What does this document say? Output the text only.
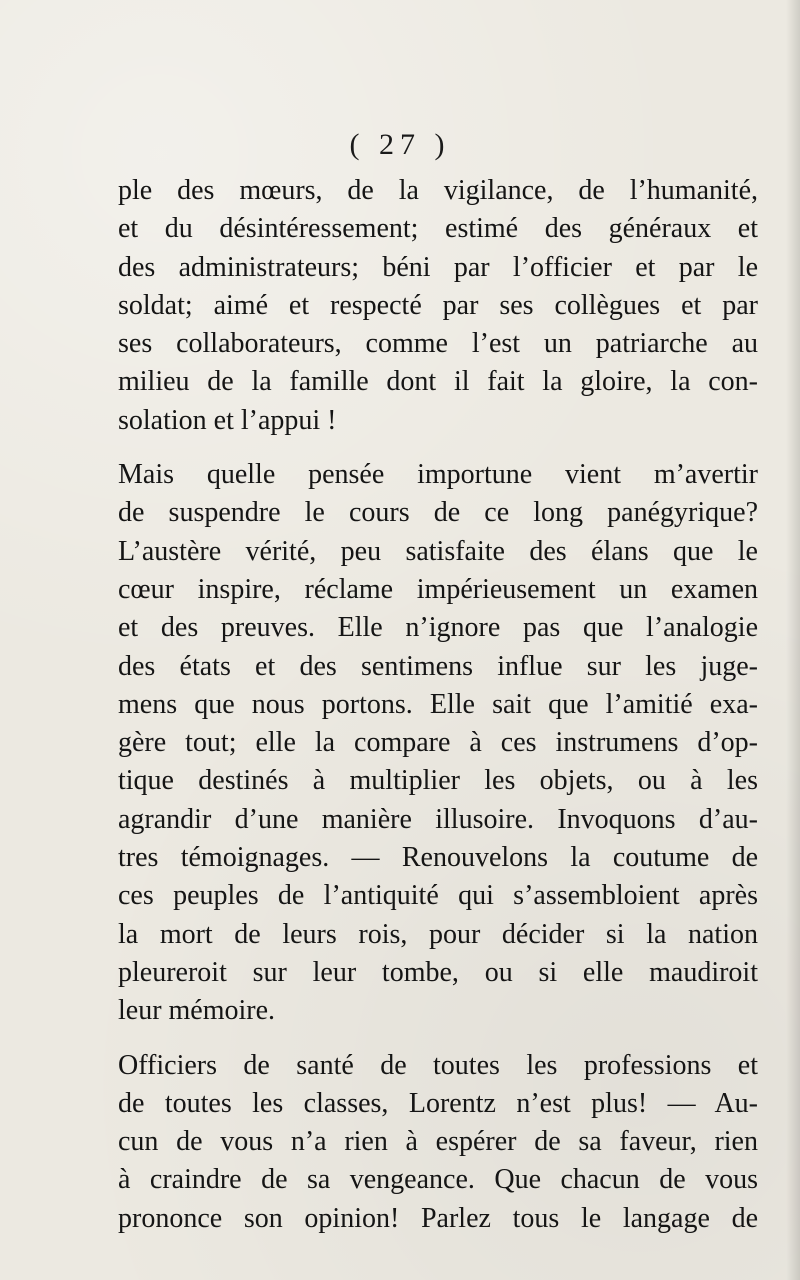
( 27 )
ple des mœurs, de la vigilance, de l’humanité,
et du désintéressement; estimé des généraux et
des administrateurs; béni par l’officier et par le
soldat; aimé et respecté par ses collègues et par
ses collaborateurs, comme l’est un patriarche au
milieu de la famille dont il fait la gloire, la con-
solation et l’appui !
Mais quelle pensée importune vient m’avertir
de suspendre le cours de ce long panégyrique?
L’austère vérité, peu satisfaite des élans que le
cœur inspire, réclame impérieusement un examen
et des preuves. Elle n’ignore pas que l’analogie
des états et des sentimens influe sur les juge-
mens que nous portons. Elle sait que l’amitié exa-
gère tout; elle la compare à ces instrumens d’op-
tique destinés à multiplier les objets, ou à les
agrandir d’une manière illusoire. Invoquons d’au-
tres témoignages. — Renouvelons la coutume de
ces peuples de l’antiquité qui s’assembloient après
la mort de leurs rois, pour décider si la nation
pleureroit sur leur tombe, ou si elle maudiroit
leur mémoire.
Officiers de santé de toutes les professions et
de toutes les classes, Lorentz n’est plus! — Au-
cun de vous n’a rien à espérer de sa faveur, rien
à craindre de sa vengeance. Que chacun de vous
prononce son opinion! Parlez tous le langage de
